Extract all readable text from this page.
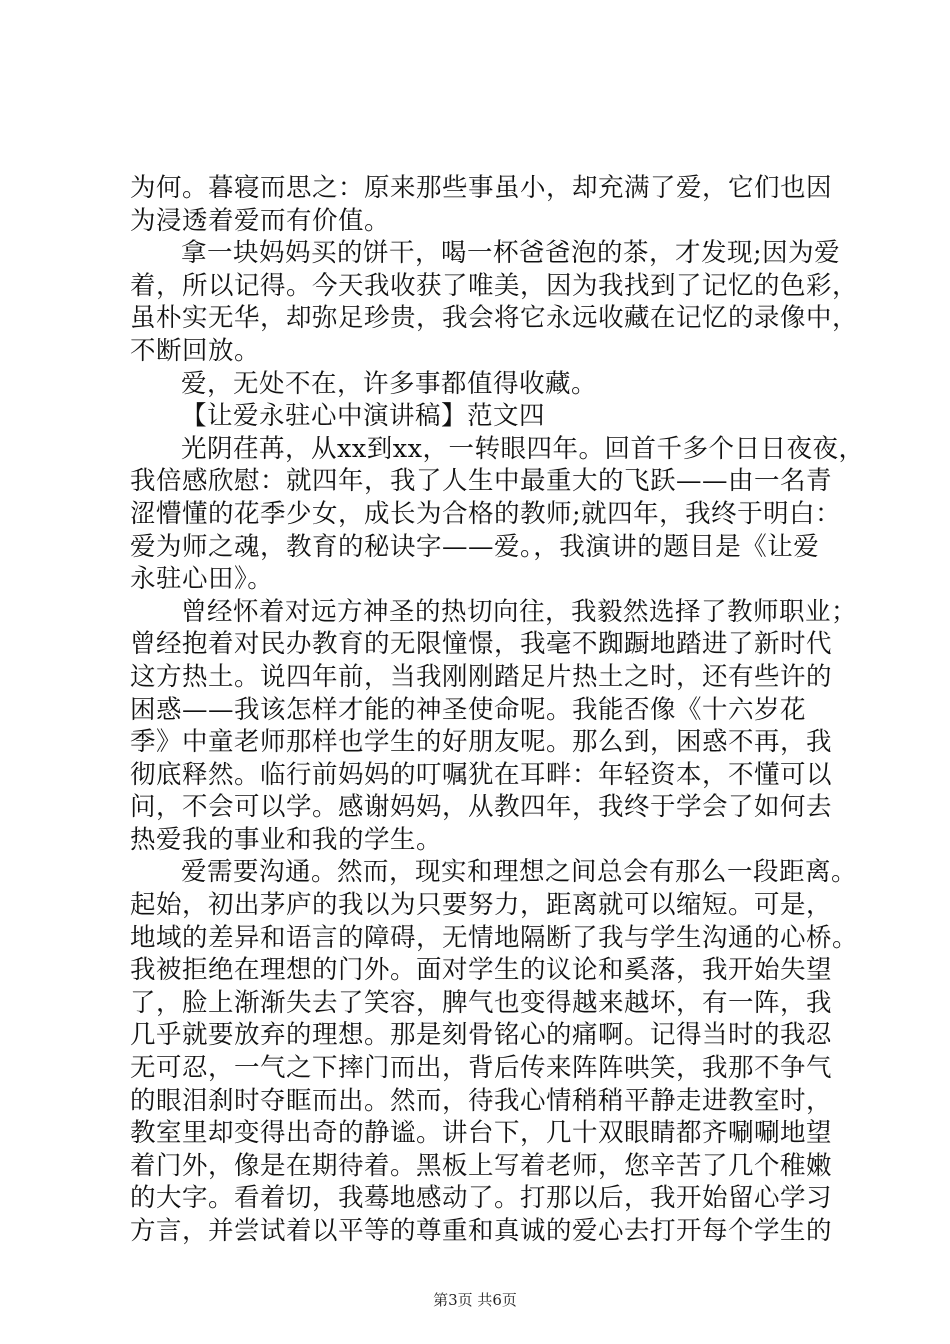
为何。暮寝而思之：原来那些事虽小，却充满了爱，它们也因
为浸透着爱而有价值。
拿一块妈妈买的饼干，喝一杯爸爸泡的茶，才发现;因为爱
着，所以记得。今天我收获了唯美，因为我找到了记忆的色彩，
虽朴实无华，却弥足珍贵，我会将它永远收藏在记忆的录像中，
不断回放。
爱，无处不在，许多事都值得收藏。
【让爱永驻心中演讲稿】范文四
光阴荏苒，从xx到xx，一转眼四年。回首千多个日日夜夜，
我倍感欣慰：就四年，我了人生中最重大的飞跃——由一名青
涩懵懂的花季少女，成长为合格的教师;就四年，我终于明白：
爱为师之魂，教育的秘诀字——爱。，我演讲的题目是《让爱
永驻心田》。
曾经怀着对远方神圣的热切向往，我毅然选择了教师职业；
曾经抱着对民办教育的无限憧憬，我毫不踟蹰地踏进了新时代
这方热土。说四年前，当我刚刚踏足片热土之时，还有些许的
困惑——我该怎样才能的神圣使命呢。我能否像《十六岁花
季》中童老师那样也学生的好朋友呢。那么到，困惑不再，我
彻底释然。临行前妈妈的叮嘱犹在耳畔：年轻资本，不懂可以
问，不会可以学。感谢妈妈，从教四年，我终于学会了如何去
热爱我的事业和我的学生。
爱需要沟通。然而，现实和理想之间总会有那么一段距离。
起始，初出茅庐的我以为只要努力，距离就可以缩短。可是，
地域的差异和语言的障碍，无情地隔断了我与学生沟通的心桥。
我被拒绝在理想的门外。面对学生的议论和奚落，我开始失望
了，脸上渐渐失去了笑容，脾气也变得越来越坏，有一阵，我
几乎就要放弃的理想。那是刻骨铭心的痛啊。记得当时的我忍
无可忍，一气之下摔门而出，背后传来阵阵哄笑，我那不争气
的眼泪刹时夺眶而出。然而，待我心情稍稍平静走进教室时，
教室里却变得出奇的静谧。讲台下，几十双眼睛都齐唰唰地望
着门外，像是在期待着。黑板上写着老师，您辛苦了几个稚嫩
的大字。看着切，我蓦地感动了。打那以后，我开始留心学习
方言，并尝试着以平等的尊重和真诚的爱心去打开每个学生的
第3页 共6页
